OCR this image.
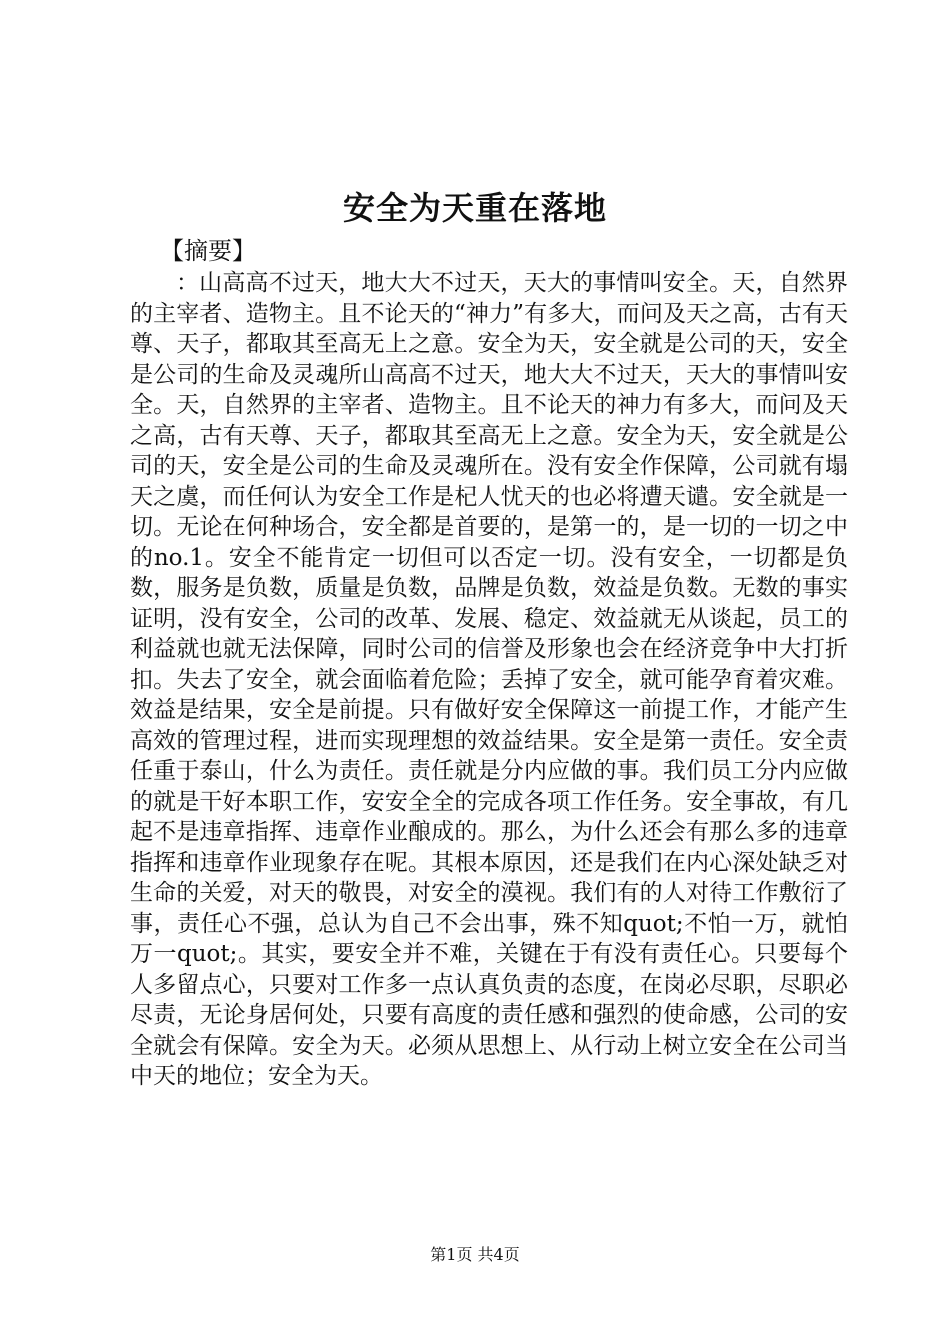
安全为天重在落地

【摘要】

：山高高不过天，地大大不过天，天大的事情叫安全。天，自然界的主宰者、造物主。且不论天的“神力”有多大，而问及天之高，古有天尊、天子，都取其至高无上之意。安全为天，安全就是公司的天，安全是公司的生命及灵魂所山高高不过天，地大大不过天，天大的事情叫安全。天，自然界的主宰者、造物主。且不论天的神力有多大，而问及天之高，古有天尊、天子，都取其至高无上之意。安全为天，安全就是公司的天，安全是公司的生命及灵魂所在。没有安全作保障，公司就有塌天之虞，而任何认为安全工作是杞人忧天的也必将遭天谴。安全就是一切。无论在何种场合，安全都是首要的，是第一的，是一切的一切之中的no.1。安全不能肯定一切但可以否定一切。没有安全，一切都是负数，服务是负数，质量是负数，品牌是负数，效益是负数。无数的事实证明，没有安全，公司的改革、发展、稳定、效益就无从谈起，员工的利益就也就无法保障，同时公司的信誉及形象也会在经济竞争中大打折扣。失去了安全，就会面临着危险；丢掉了安全，就可能孕育着灾难。效益是结果，安全是前提。只有做好安全保障这一前提工作，才能产生高效的管理过程，进而实现理想的效益结果。安全是第一责任。安全责任重于泰山，什么为责任。责任就是分内应做的事。我们员工分内应做的就是干好本职工作，安安全全的完成各项工作任务。安全事故，有几起不是违章指挥、违章作业酿成的。那么，为什么还会有那么多的违章指挥和违章作业现象存在呢。其根本原因，还是我们在内心深处缺乏对生命的关爱，对天的敬畏，对安全的漠视。我们有的人对待工作敷衍了事，责任心不强，总认为自己不会出事，殊不知quot;不怕一万，就怕万一quot;。其实，要安全并不难，关键在于有没有责任心。只要每个人多留点心，只要对工作多一点认真负责的态度，在岗必尽职，尽职必尽责，无论身居何处，只要有高度的责任感和强烈的使命感，公司的安全就会有保障。安全为天。必须从思想上、从行动上树立安全在公司当中天的地位；安全为天。

第1页 共4页
